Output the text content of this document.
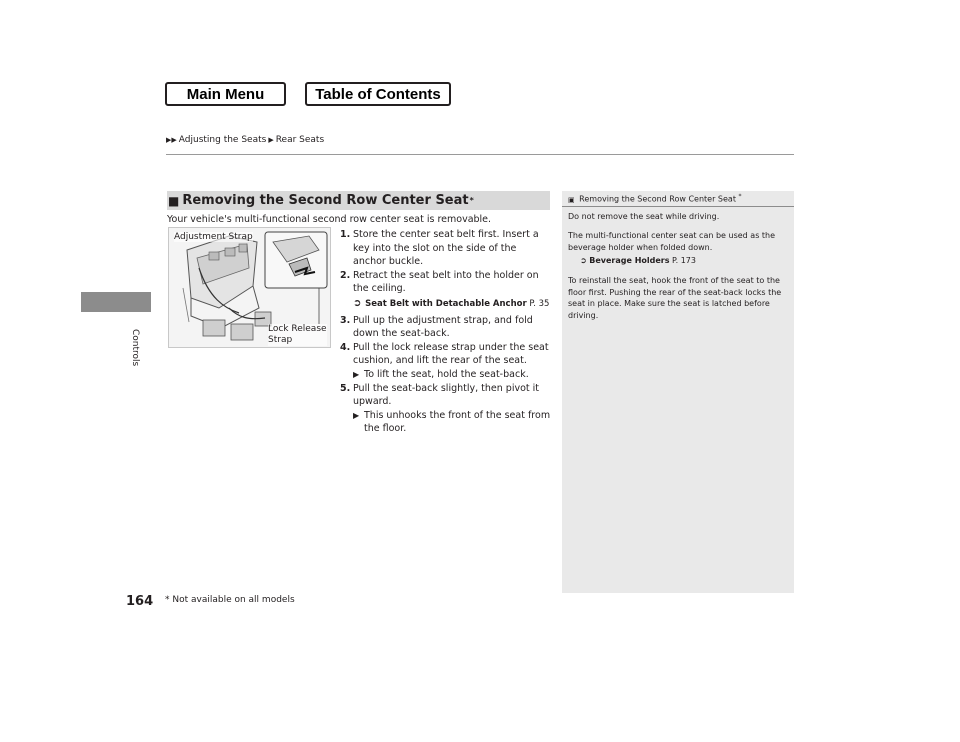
Main Menu	Table of Contents
▶▶ Adjusting the Seats ▶ Rear Seats
Controls
■ Removing the Second Row Center Seat *
Your vehicle's multi-functional second row center seat is removable.
Adjustment Strap
Lock Release
Strap
1. Store the center seat belt first. Insert a key into the slot on the side of the anchor buckle.
2. Retract the seat belt into the holder on the ceiling.
➲ Seat Belt with Detachable Anchor P. 35
3. Pull up the adjustment strap, and fold down the seat-back.
4. Pull the lock release strap under the seat cushion, and lift the rear of the seat.
▶ To lift the seat, hold the seat-back.
5. Pull the seat-back slightly, then pivot it upward.
▶ This unhooks the front of the seat from the floor.
▣ Removing the Second Row Center Seat *

Do not remove the seat while driving.

The multi-functional center seat can be used as the beverage holder when folded down.

➲ Beverage Holders P. 173

To reinstall the seat, hook the front of the seat to the floor first. Pushing the rear of the seat-back locks the seat in place. Make sure the seat is latched before driving.

164 * Not available on all models
